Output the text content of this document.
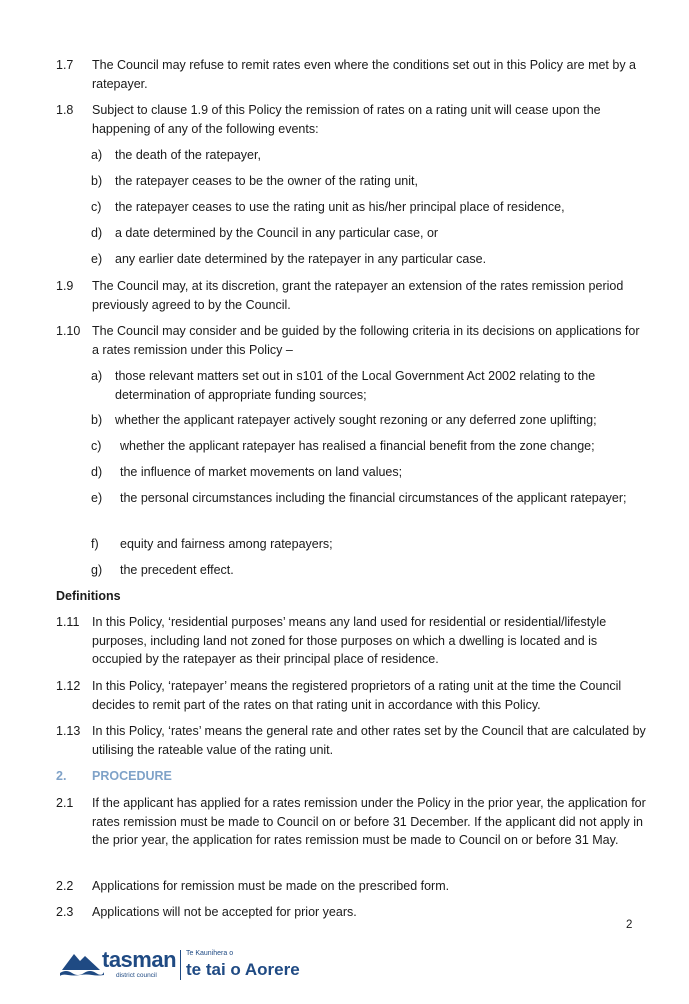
1.7 The Council may refuse to remit rates even where the conditions set out in this Policy are met by a ratepayer.
1.8 Subject to clause 1.9 of this Policy the remission of rates on a rating unit will cease upon the happening of any of the following events:
a) the death of the ratepayer,
b) the ratepayer ceases to be the owner of the rating unit,
c) the ratepayer ceases to use the rating unit as his/her principal place of residence,
d) a date determined by the Council in any particular case, or
e) any earlier date determined by the ratepayer in any particular case.
1.9 The Council may, at its discretion, grant the ratepayer an extension of the rates remission period previously agreed to by the Council.
1.10 The Council may consider and be guided by the following criteria in its decisions on applications for a rates remission under this Policy –
a) those relevant matters set out in s101 of the Local Government Act 2002 relating to the determination of appropriate funding sources;
b) whether the applicant ratepayer actively sought rezoning or any deferred zone uplifting;
c) whether the applicant ratepayer has realised a financial benefit from the zone change;
d) the influence of market movements on land values;
e) the personal circumstances including the financial circumstances of the applicant ratepayer;
f) equity and fairness among ratepayers;
g) the precedent effect.
Definitions
1.11 In this Policy, ‘residential purposes’ means any land used for residential or residential/lifestyle purposes, including land not zoned for those purposes on which a dwelling is located and is occupied by the ratepayer as their principal place of residence.
1.12 In this Policy, ‘ratepayer’ means the registered proprietors of a rating unit at the time the Council decides to remit part of the rates on that rating unit in accordance with this Policy.
1.13 In this Policy, ‘rates’ means the general rate and other rates set by the Council that are calculated by utilising the rateable value of the rating unit.
2. PROCEDURE
2.1 If the applicant has applied for a rates remission under the Policy in the prior year, the application for rates remission must be made to Council on or before 31 December. If the applicant did not apply in the prior year, the application for rates remission must be made to Council on or before 31 May.
2.2 Applications for remission must be made on the prescribed form.
2.3 Applications will not be accepted for prior years.
2
tasman
district council
Te Kaunihera o
te tai o Aorere
